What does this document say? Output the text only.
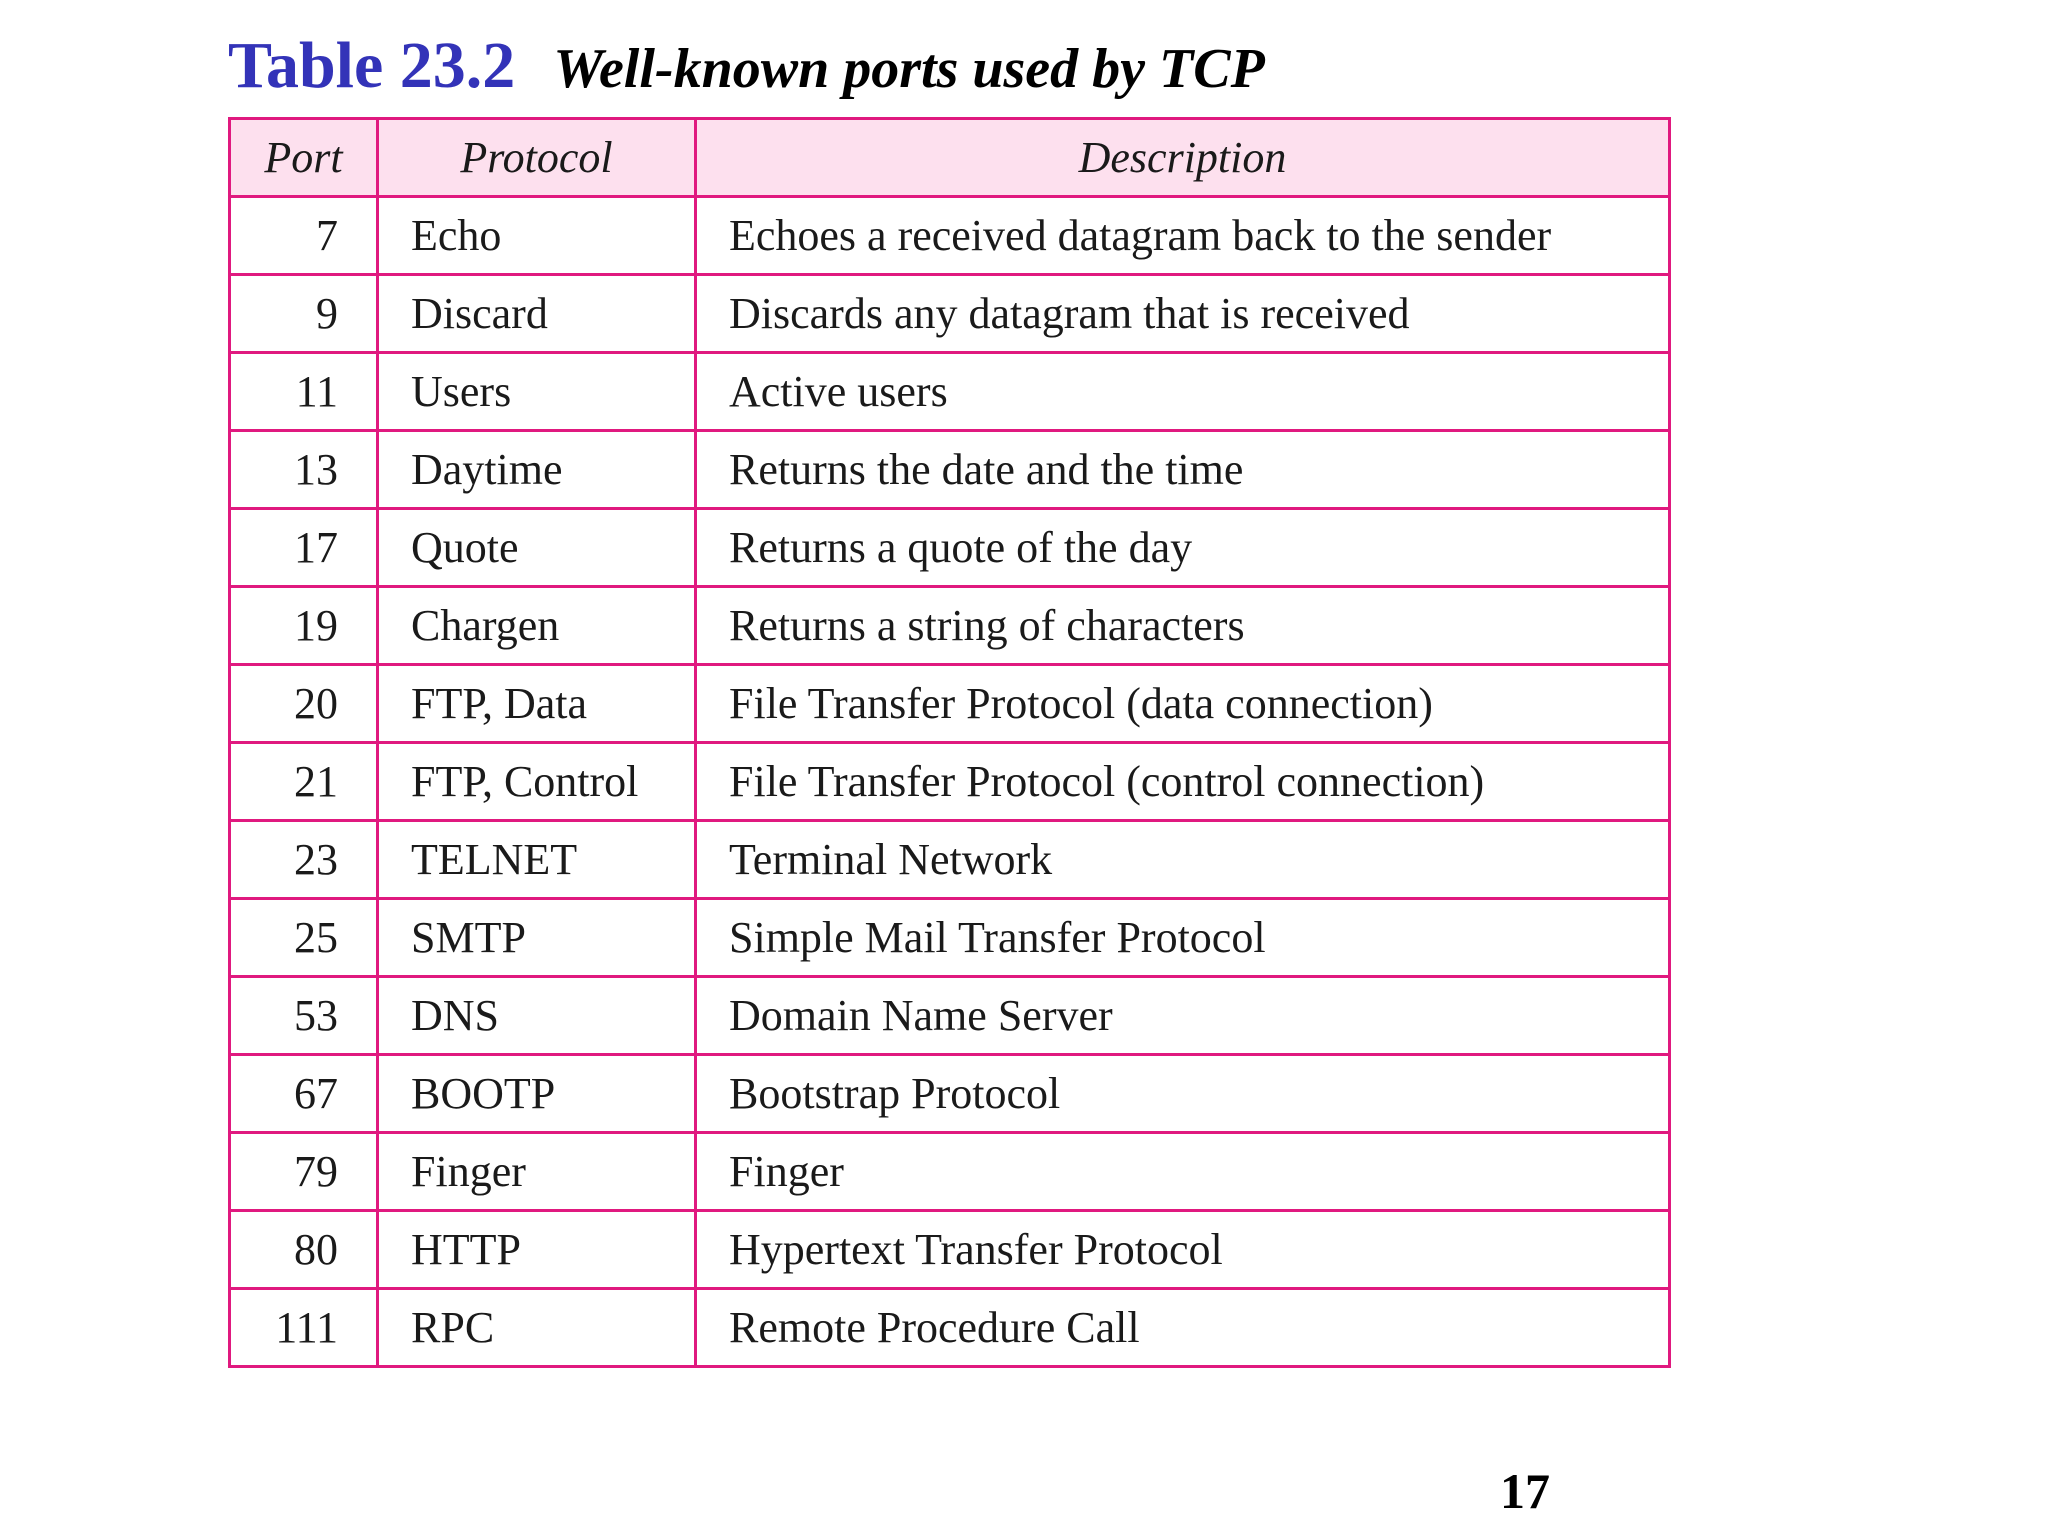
Table 23.2 Well-known ports used by TCP
Port	Protocol	Description
7	Echo	Echoes a received datagram back to the sender
9	Discard	Discards any datagram that is received
11	Users	Active users
13	Daytime	Returns the date and the time
17	Quote	Returns a quote of the day
19	Chargen	Returns a string of characters
20	FTP, Data	File Transfer Protocol (data connection)
21	FTP, Control	File Transfer Protocol (control connection)
23	TELNET	Terminal Network
25	SMTP	Simple Mail Transfer Protocol
53	DNS	Domain Name Server
67	BOOTP	Bootstrap Protocol
79	Finger	Finger
80	HTTP	Hypertext Transfer Protocol
111	RPC	Remote Procedure Call
17
